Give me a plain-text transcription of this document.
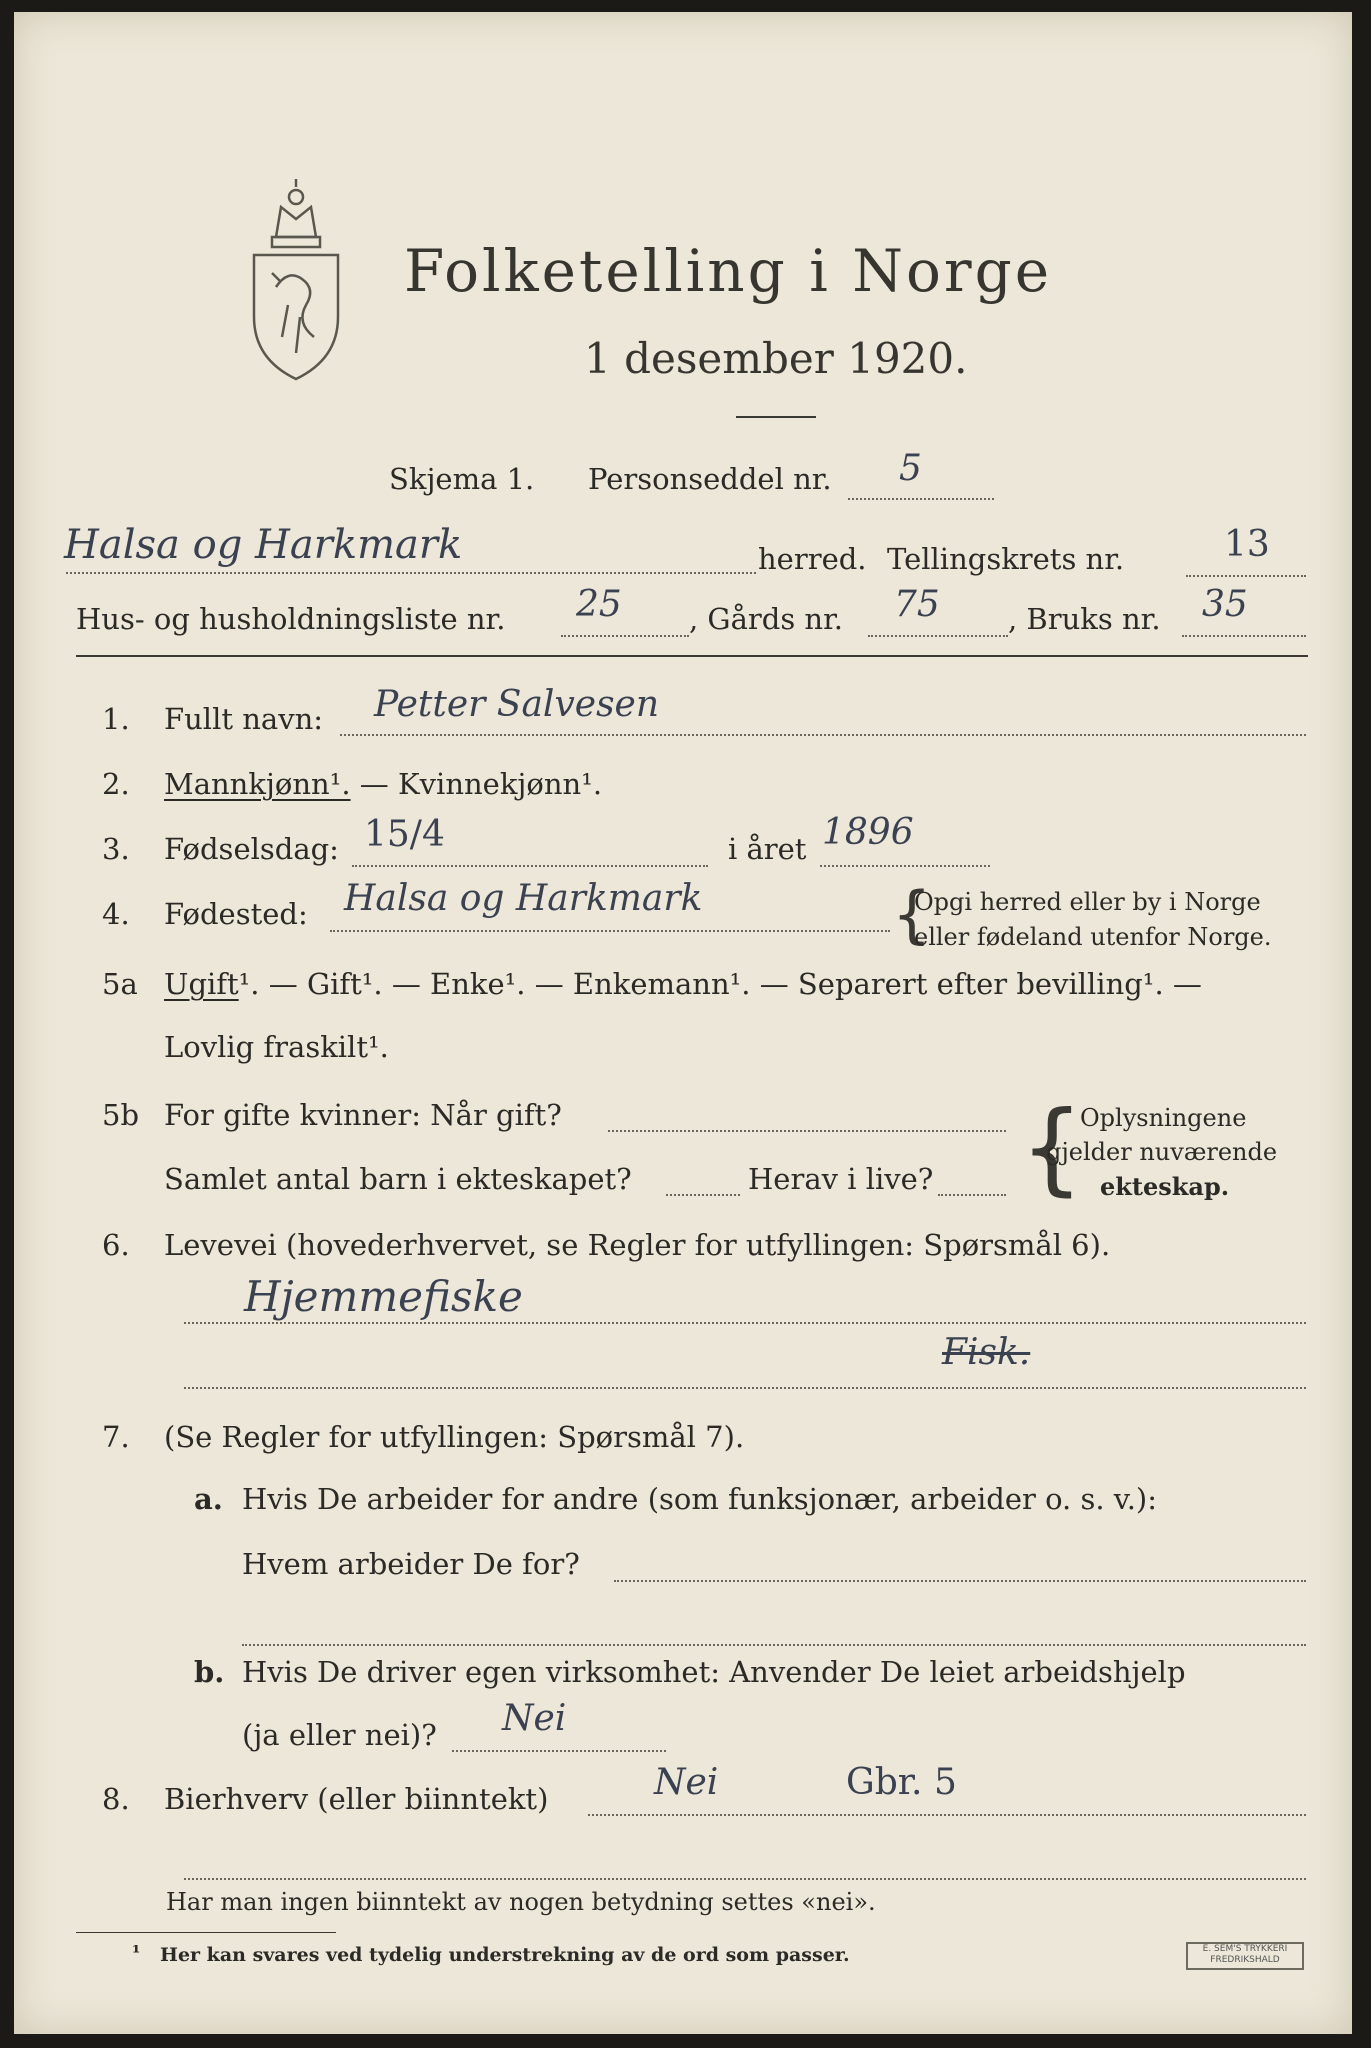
Folketelling i Norge
1 desember 1920.
Skjema 1. Personseddel nr. 5
Halsa og Harkmark	herred. Tellingskrets nr.	13
Hus- og husholdningsliste nr. 25 , Gårds nr. 75 , Bruks nr. 35
1. Fullt navn: Petter Salvesen
2. Mannkjønn¹. — Kvinnekjønn¹.
3. Fødselsdag: 15/4	i året 1896
4. Fødested: Halsa og Harkmark	{
Opgi herred eller by i Norge
eller fødeland utenfor Norge.
5a Ugift¹. — Gift¹. — Enke¹. — Enkemann¹. — Separert efter bevilling¹. —
Lovlig fraskilt¹.
5b For gifte kvinner: Når gift?
Samlet antal barn i ekteskapet?	Herav i live? {
Oplysningene
gjelder nuværende
ekteskap.
6. Levevei (hovederhvervet, se Regler for utfyllingen: Spørsmål 6).
Hjemmefiske
Fisk.
7. (Se Regler for utfyllingen: Spørsmål 7).
a. Hvis De arbeider for andre (som funksjonær, arbeider o. s. v.):
Hvem arbeider De for?
b. Hvis De driver egen virksomhet: Anvender De leiet arbeidshjelp
(ja eller nei)? Nei
8. Bierhverv (eller biinntekt)	Nei	Gbr. 5
Har man ingen biinntekt av nogen betydning settes «nei».
¹ Her kan svares ved tydelig understrekning av de ord som passer.	E. SEM'S TRYKKERI FREDRIKSHALD
